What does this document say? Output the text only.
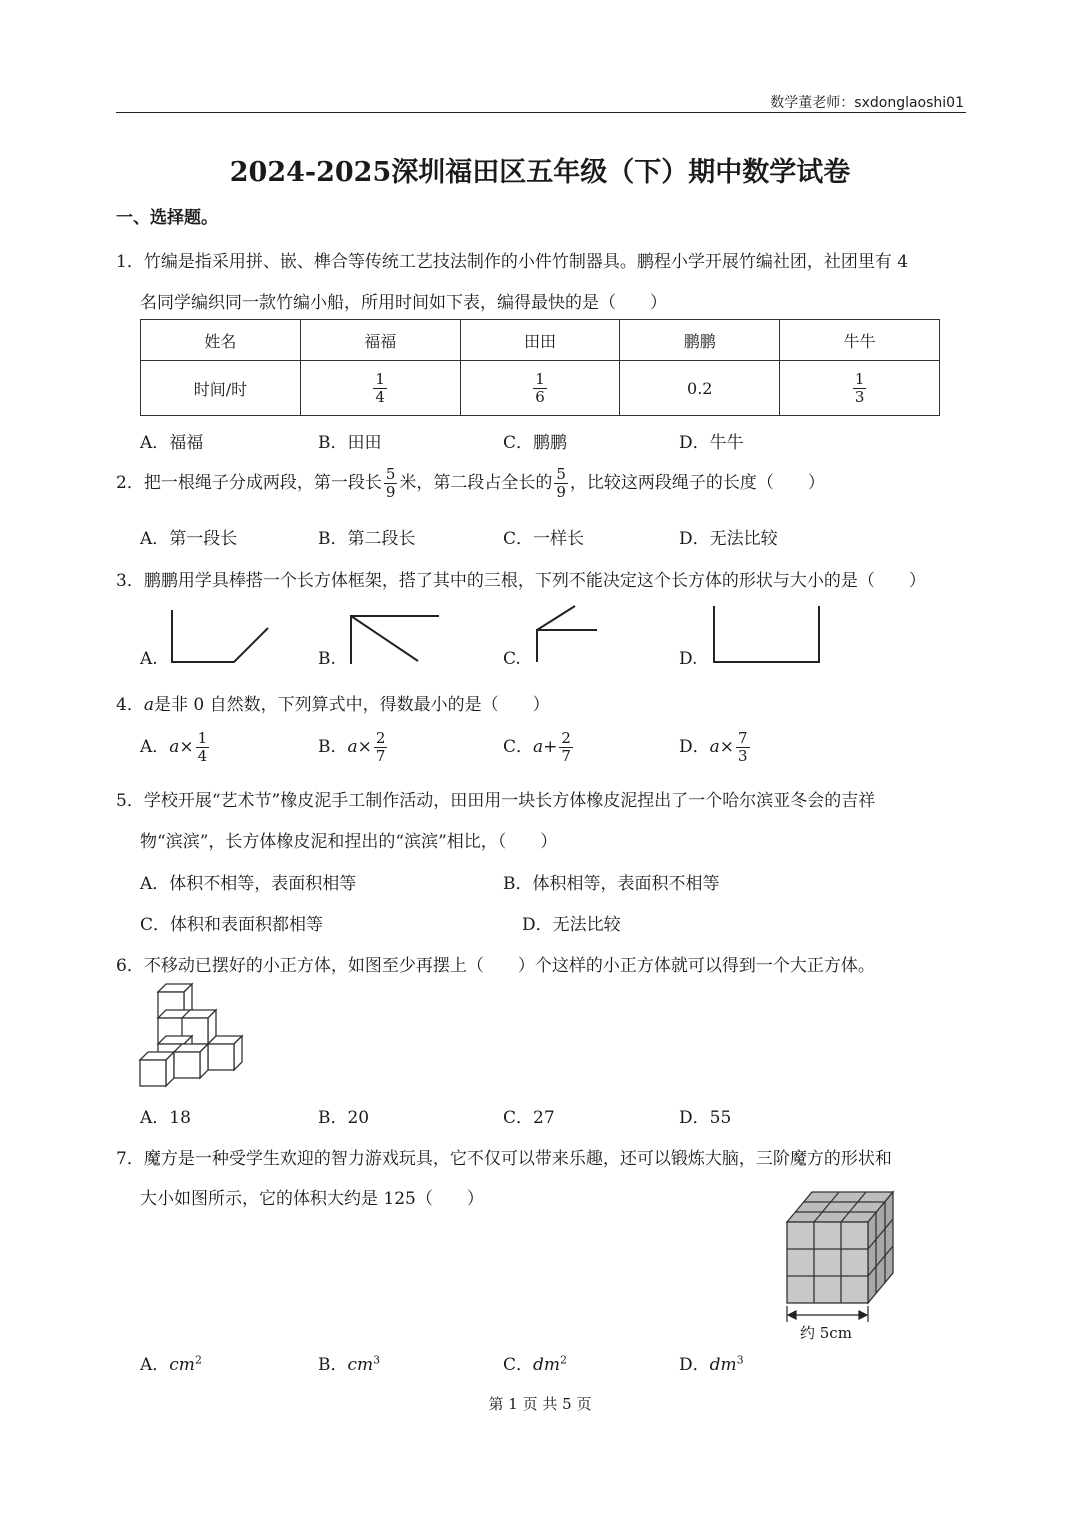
数学董老师：sxdonglaoshi01
2024-2025深圳福田区五年级（下）期中数学试卷
一、选择题。
1．竹编是指采用拼、嵌、榫合等传统工艺技法制作的小件竹制器具。鹏程小学开展竹编社团，社团里有 4
名同学编织同一款竹编小船，所用时间如下表，编得最快的是（　　）
姓名	福福	田田	鹏鹏	牛牛
时间/时	$\frac{1}{4}$	$\frac{1}{6}$	0.2	$\frac{1}{3}$
A．福福	B．田田	C．鹏鹏	D．牛牛
2．把一根绳子分成两段，第一段长 $\frac{5}{9}$ 米，第二段占全长的 $\frac{5}{9}$ ，比较这两段绳子的长度（　　）
A．第一段长	B．第二段长	C．一样长	D．无法比较
3．鹏鹏用学具棒搭一个长方体框架，搭了其中的三根，下列不能决定这个长方体的形状与大小的是（　　）
A.	B.	C.	D.
4．a是非 0 自然数，下列算式中，得数最小的是（　　）
A．$a\times \frac{1}{4}$	B．$a\times \frac{2}{7}$	C．$a+ \frac{2}{7}$	D．$a\times \frac{7}{3}$
5．学校开展“艺术节”橡皮泥手工制作活动，田田用一块长方体橡皮泥捏出了一个哈尔滨亚冬会的吉祥
物“滨滨”，长方体橡皮泥和捏出的“滨滨”相比，（　　）
A．体积不相等，表面积相等	B．体积相等，表面积不相等
C．体积和表面积都相等	D．无法比较
6．不移动已摆好的小正方体，如图至少再摆上（　　）个这样的小正方体就可以得到一个大正方体。
A．18	B．20	C．27	D．55
7．魔方是一种受学生欢迎的智力游戏玩具，它不仅可以带来乐趣，还可以锻炼大脑，三阶魔方的形状和
大小如图所示，它的体积大约是 125（　　）
约 5cm
A．$cm^2$	B．$cm^3$	C．$dm^2$	D．$dm^3$
第 1 页 共 5 页
